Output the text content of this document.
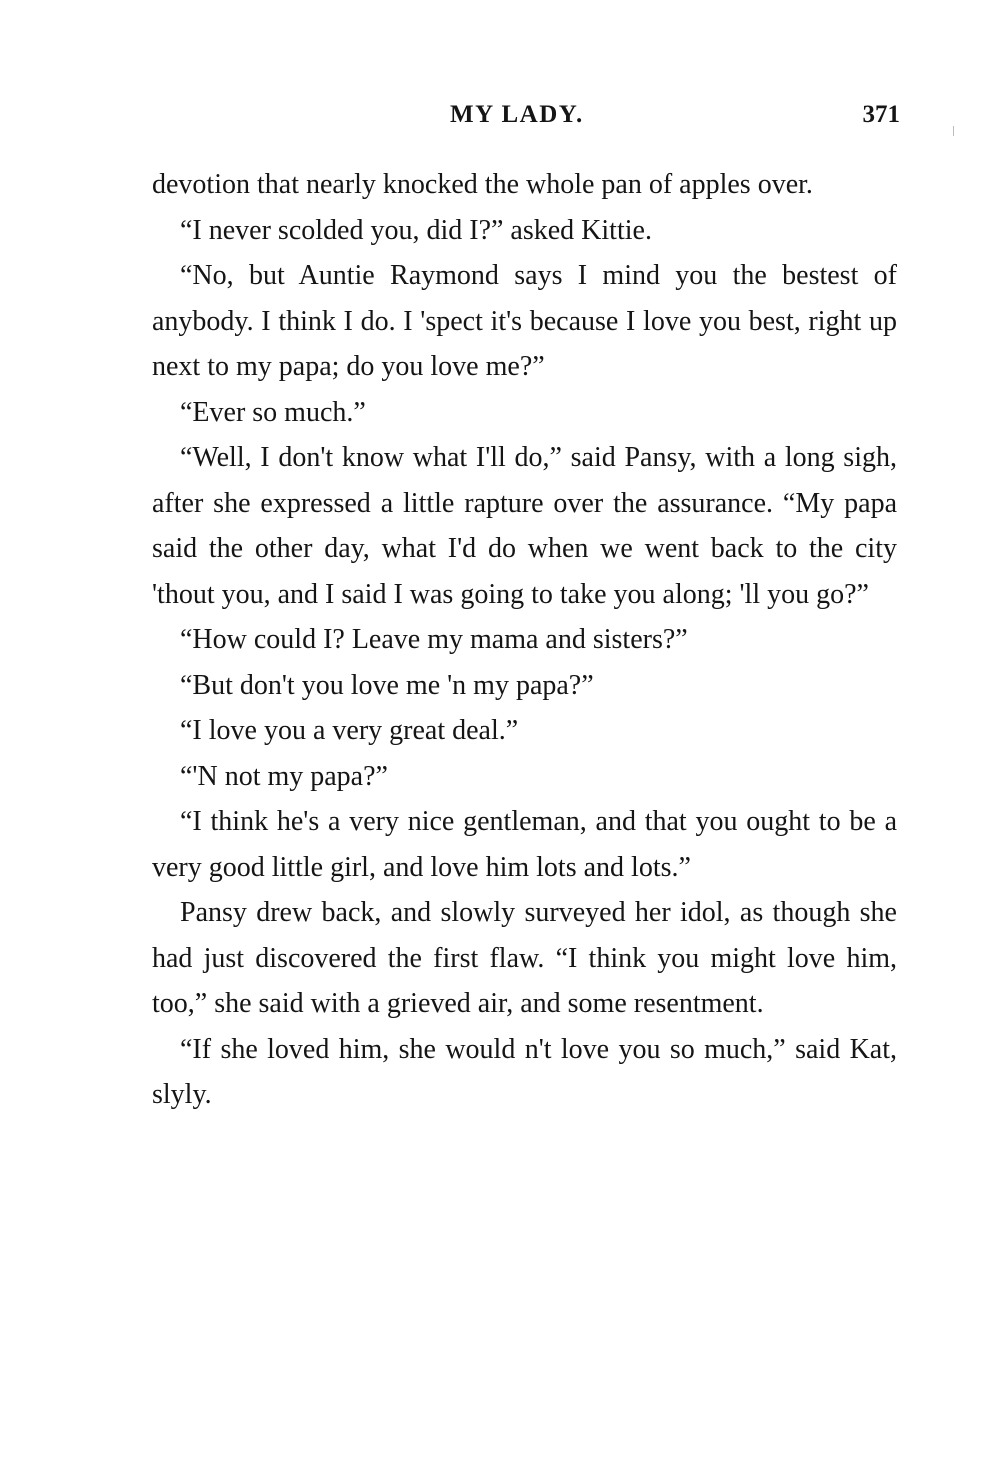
MY LADY.	371

devotion that nearly knocked the whole pan of apples over.

“I never scolded you, did I?” asked Kittie.

“No, but Auntie Raymond says I mind you the bestest of anybody. I think I do. I 'spect it's because I love you best, right up next to my papa; do you love me?”

“Ever so much.”

“Well, I don't know what I'll do,” said Pansy, with a long sigh, after she expressed a little rapture over the assurance. “My papa said the other day, what I'd do when we went back to the city 'thout you, and I said I was going to take you along; 'll you go?”

“How could I? Leave my mama and sisters?”

“But don't you love me 'n my papa?”

“I love you a very great deal.”

“'N not my papa?”

“I think he's a very nice gentleman, and that you ought to be a very good little girl, and love him lots and lots.”

Pansy drew back, and slowly surveyed her idol, as though she had just discovered the first flaw. “I think you might love him, too,” she said with a grieved air, and some resentment.

“If she loved him, she would n't love you so much,” said Kat, slyly.
